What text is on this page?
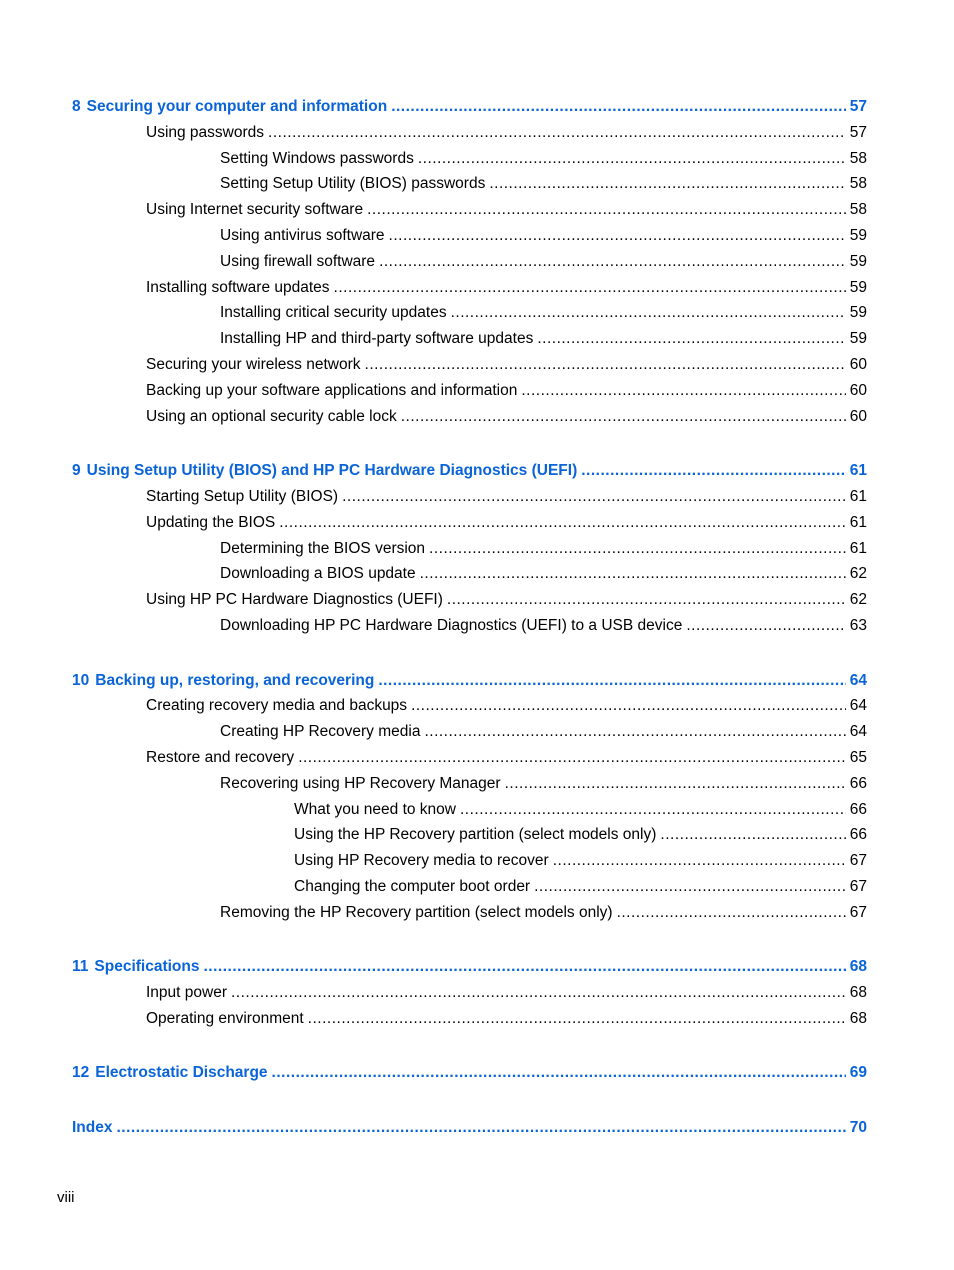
8 Securing your computer and information .....	57
Using passwords .....	57
Setting Windows passwords .....	58
Setting Setup Utility (BIOS) passwords .....	58
Using Internet security software .....	58
Using antivirus software .....	59
Using firewall software .....	59
Installing software updates .....	59
Installing critical security updates .....	59
Installing HP and third-party software updates .....	59
Securing your wireless network .....	60
Backing up your software applications and information .....	60
Using an optional security cable lock .....	60
9 Using Setup Utility (BIOS) and HP PC Hardware Diagnostics (UEFI) .....	61
Starting Setup Utility (BIOS) .....	61
Updating the BIOS .....	61
Determining the BIOS version .....	61
Downloading a BIOS update .....	62
Using HP PC Hardware Diagnostics (UEFI) .....	62
Downloading HP PC Hardware Diagnostics (UEFI) to a USB device .....	63
10 Backing up, restoring, and recovering .....	64
Creating recovery media and backups .....	64
Creating HP Recovery media .....	64
Restore and recovery .....	65
Recovering using HP Recovery Manager .....	66
What you need to know .....	66
Using the HP Recovery partition (select models only) .....	66
Using HP Recovery media to recover .....	67
Changing the computer boot order .....	67
Removing the HP Recovery partition (select models only) .....	67
11 Specifications .....	68
Input power .....	68
Operating environment .....	68
12 Electrostatic Discharge .....	69
Index .....	70
viii
